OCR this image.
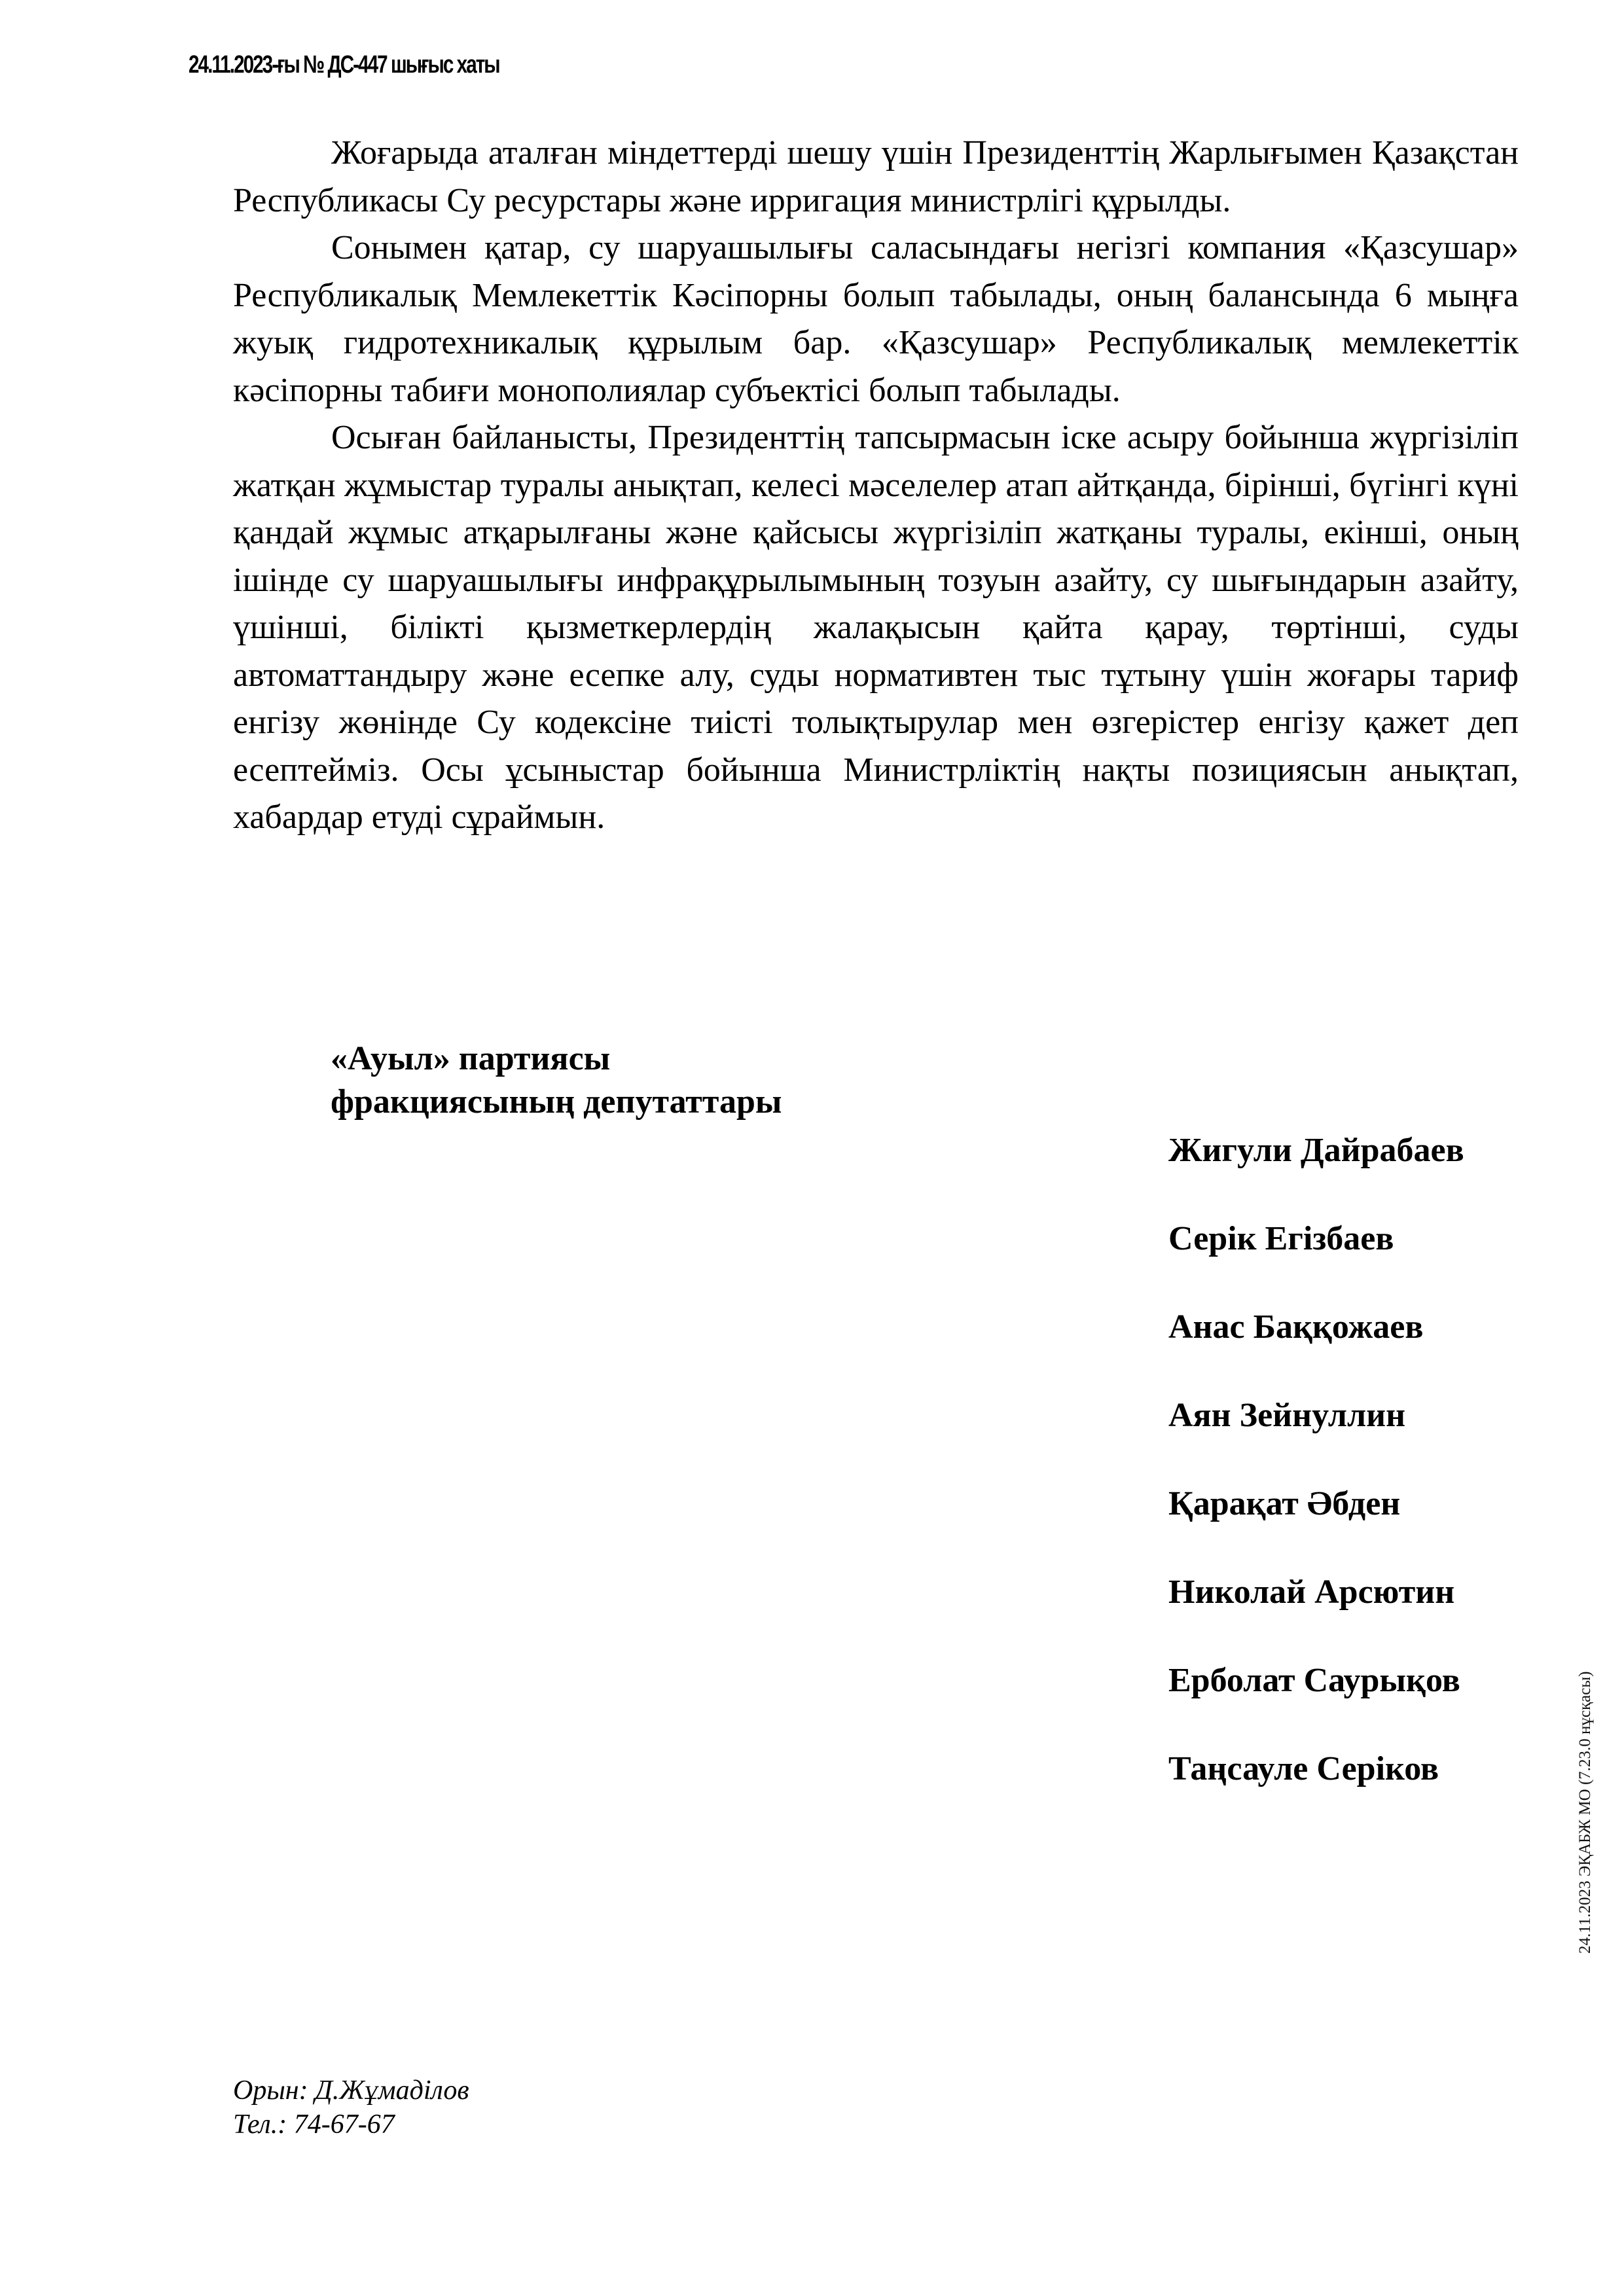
24.11.2023-ғы № ДС-447 шығыс хаты

Жоғарыда аталған міндеттерді шешу үшін Президенттің Жарлығымен Қазақстан Республикасы Су ресурстары және ирригация министрлігі құрылды.

Сонымен қатар, су шаруашылығы саласындағы негізгі компания «Қазсушар» Республикалық Мемлекеттік Кәсіпорны болып табылады, оның балансында 6 мыңға жуық гидротехникалық құрылым бар. «Қазсушар» Республикалық мемлекеттік кәсіпорны табиғи монополиялар субъектісі болып табылады.

Осыған байланысты, Президенттің тапсырмасын іске асыру бойынша жүргізіліп жатқан жұмыстар туралы анықтап, келесі мәселелер атап айтқанда, бірінші, бүгінгі күні қандай жұмыс атқарылғаны және қайсысы жүргізіліп жатқаны туралы, екінші, оның ішінде су шаруашылығы инфрақұрылымының тозуын азайту, су шығындарын азайту, үшінші, білікті қызметкерлердің жалақысын қайта қарау, төртінші, суды автоматтандыру және есепке алу, суды нормативтен тыс тұтыну үшін жоғары тариф енгізу жөнінде Су кодексіне тиісті толықтырулар мен өзгерістер енгізу қажет деп есептейміз. Осы ұсыныстар бойынша Министрліктің нақты позициясын анықтап, хабардар етуді сұраймын.

«Ауыл» партиясы
фракциясының депутаттары
Жигули Дайрабаев
Серік Егізбаев
Анас Баққожаев
Аян Зейнуллин
Қарақат Әбден
Николай Арсютин
Ерболат Саурықов
Таңсауле Серіков	24.11.2023 ЭҚАБЖ МО (7.23.0 нұсқасы)
Орын: Д.Жұмаділов
Тел.: 74-67-67
